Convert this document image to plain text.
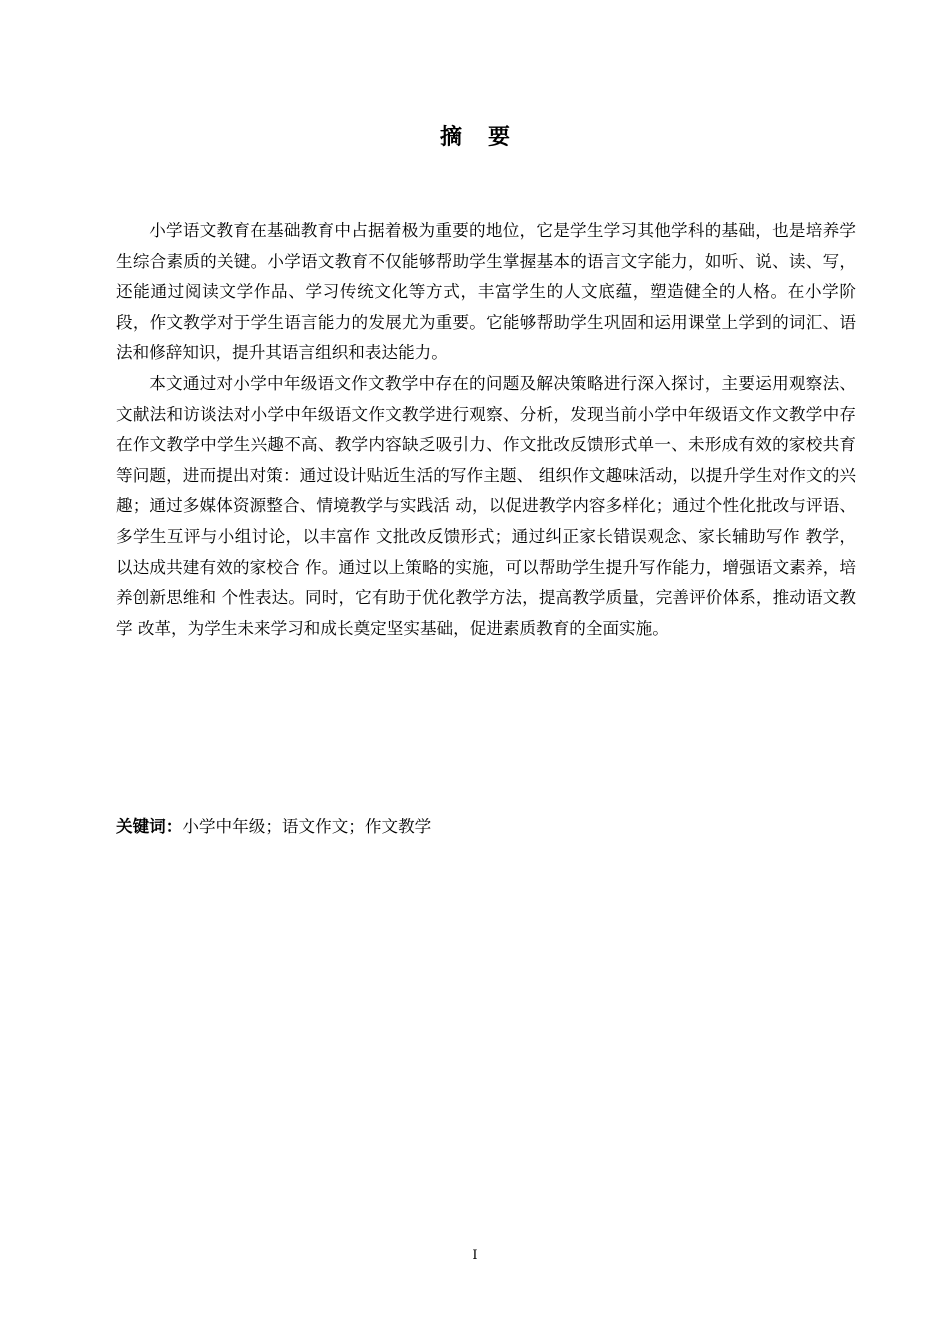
摘 要

小学语文教育在基础教育中占据着极为重要的地位，它是学生学习其他学科的基础，也是培养学生综合素质的关键。小学语文教育不仅能够帮助学生掌握基本的语言文字能力，如听、说、读、写，还能通过阅读文学作品、学习传统文化等方式，丰富学生的人文底蕴，塑造健全的人格。在小学阶段，作文教学对于学生语言能力的发展尤为重要。它能够帮助学生巩固和运用课堂上学到的词汇、语法和修辞知识，提升其语言组织和表达能力。

本文通过对小学中年级语文作文教学中存在的问题及解决策略进行深入探讨，主要运用观察法、文献法和访谈法对小学中年级语文作文教学进行观察、分析，发现当前小学中年级语文作文教学中存在作文教学中学生兴趣不高、教学内容缺乏吸引力、作文批改反馈形式单一、未形成有效的家校共育等问题，进而提出对策：通过设计贴近生活的写作主题、 组织作文趣味活动，以提升学生对作文的兴趣；通过多媒体资源整合、情境教学与实践活 动，以促进教学内容多样化；通过个性化批改与评语、多学生互评与小组讨论，以丰富作 文批改反馈形式；通过纠正家长错误观念、家长辅助写作 教学，以达成共建有效的家校合 作。通过以上策略的实施，可以帮助学生提升写作能力，增强语文素养，培养创新思维和 个性表达。同时，它有助于优化教学方法，提高教学质量，完善评价体系，推动语文教学 改革，为学生未来学习和成长奠定坚实基础，促进素质教育的全面实施。

关键词：小学中年级；语文作文；作文教学
I
